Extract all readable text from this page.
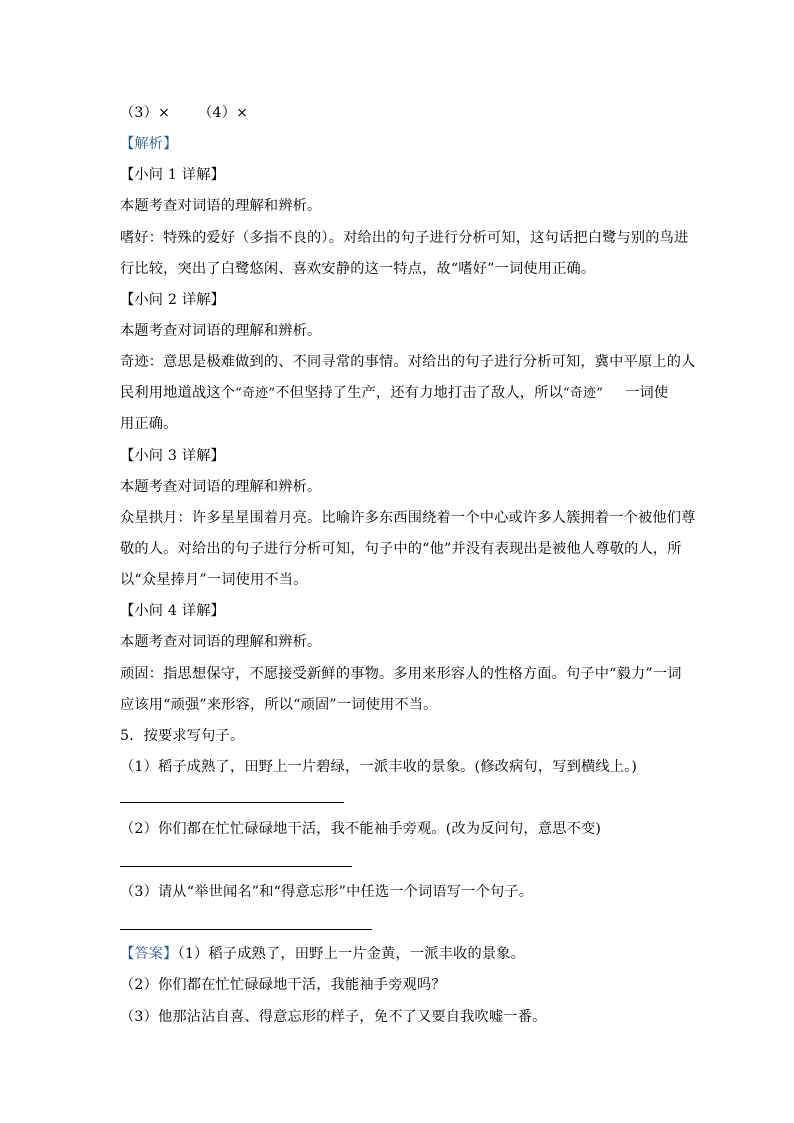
（3）× （4）×
【解析】
【小问 1 详解】
本题考查对词语的理解和辨析。
嗜好：特殊的爱好（多指不良的）。对给出的句子进行分析可知，这句话把白鹭与别的鸟进
行比较，突出了白鹭悠闲、喜欢安静的这一特点，故“嗜好”一词使用正确。
【小问 2 详解】
本题考查对词语的理解和辨析。
奇迹：意思是极难做到的、不同寻常的事情。对给出的句子进行分析可知，冀中平原上的人
民利用地道战这个“奇迹”不但坚持了生产，还有力地打击了敌人，所以“奇迹” 一词使
用正确。
【小问 3 详解】
本题考查对词语的理解和辨析。
众星拱月：许多星星围着月亮。比喻许多东西围绕着一个中心或许多人簇拥着一个被他们尊
敬的人。对给出的句子进行分析可知，句子中的“他”并没有表现出是被他人尊敬的人，所
以“众星捧月”一词使用不当。
【小问 4 详解】
本题考查对词语的理解和辨析。
顽固：指思想保守，不愿接受新鲜的事物。多用来形容人的性格方面。句子中“毅力”一词
应该用“顽强”来形容，所以“顽固”一词使用不当。
5．按要求写句子。
（1）稻子成熟了，田野上一片碧绿，一派丰收的景象。(修改病句，写到横线上。)
（2）你们都在忙忙碌碌地干活，我不能袖手旁观。(改为反问句，意思不变)
（3）请从“举世闻名”和“得意忘形”中任选一个词语写一个句子。
【答案】（1）稻子成熟了，田野上一片金黄，一派丰收的景象。
（2）你们都在忙忙碌碌地干活，我能袖手旁观吗？
（3）他那沾沾自喜、得意忘形的样子，免不了又要自我吹嘘一番。
